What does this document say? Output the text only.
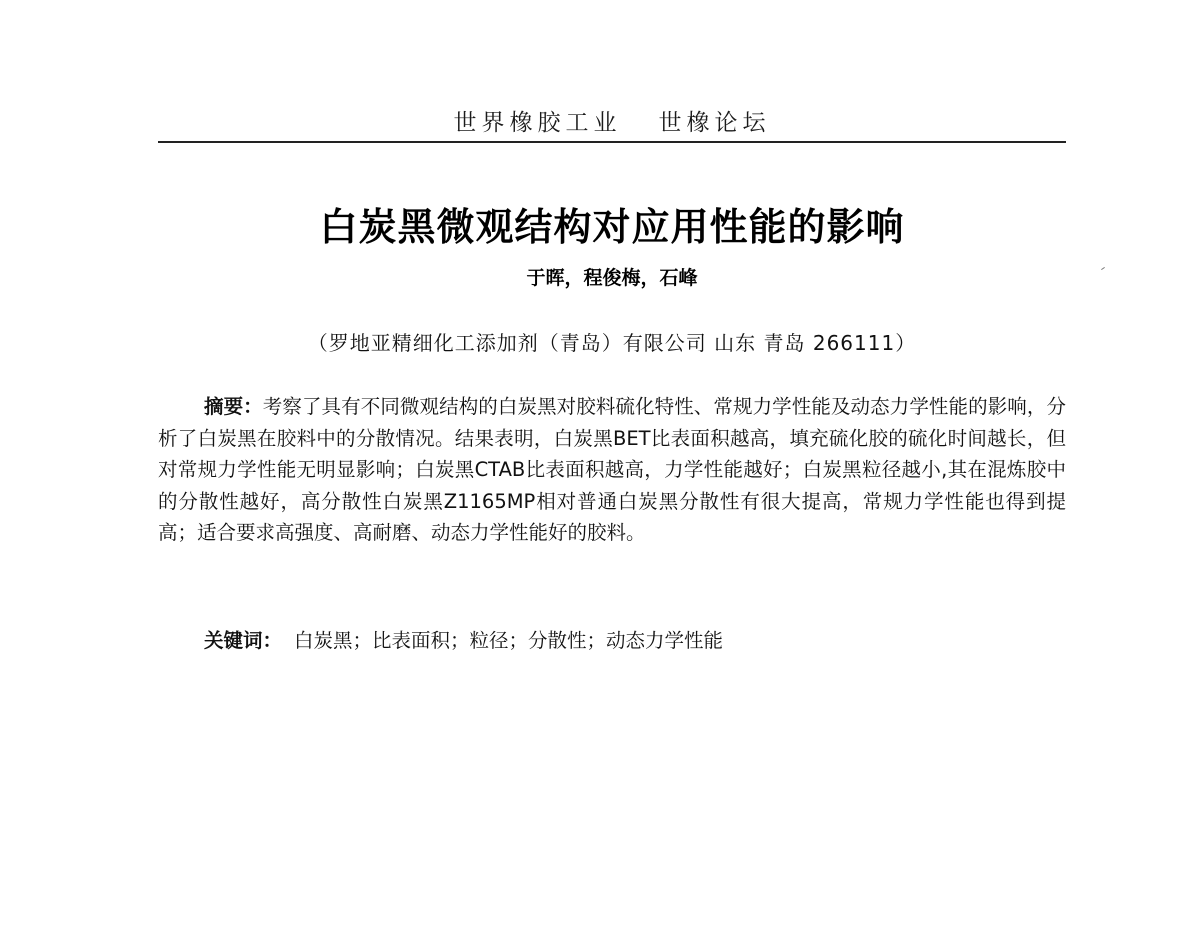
世界橡胶工业   世橡论坛
白炭黑微观结构对应用性能的影响
于晖，程俊梅，石峰
（罗地亚精细化工添加剂（青岛）有限公司 山东 青岛 266111）
摘要：考察了具有不同微观结构的白炭黑对胶料硫化特性、常规力学性能及动态力学性能的影响，分析了白炭黑在胶料中的分散情况。结果表明，白炭黑BET比表面积越高，填充硫化胶的硫化时间越长，但对常规力学性能无明显影响；白炭黑CTAB比表面积越高，力学性能越好；白炭黑粒径越小,其在混炼胶中的分散性越好，高分散性白炭黑Z1165MP相对普通白炭黑分散性有很大提高，常规力学性能也得到提高；适合要求高强度、高耐磨、动态力学性能好的胶料。
关键词： 白炭黑；比表面积；粒径；分散性；动态力学性能
